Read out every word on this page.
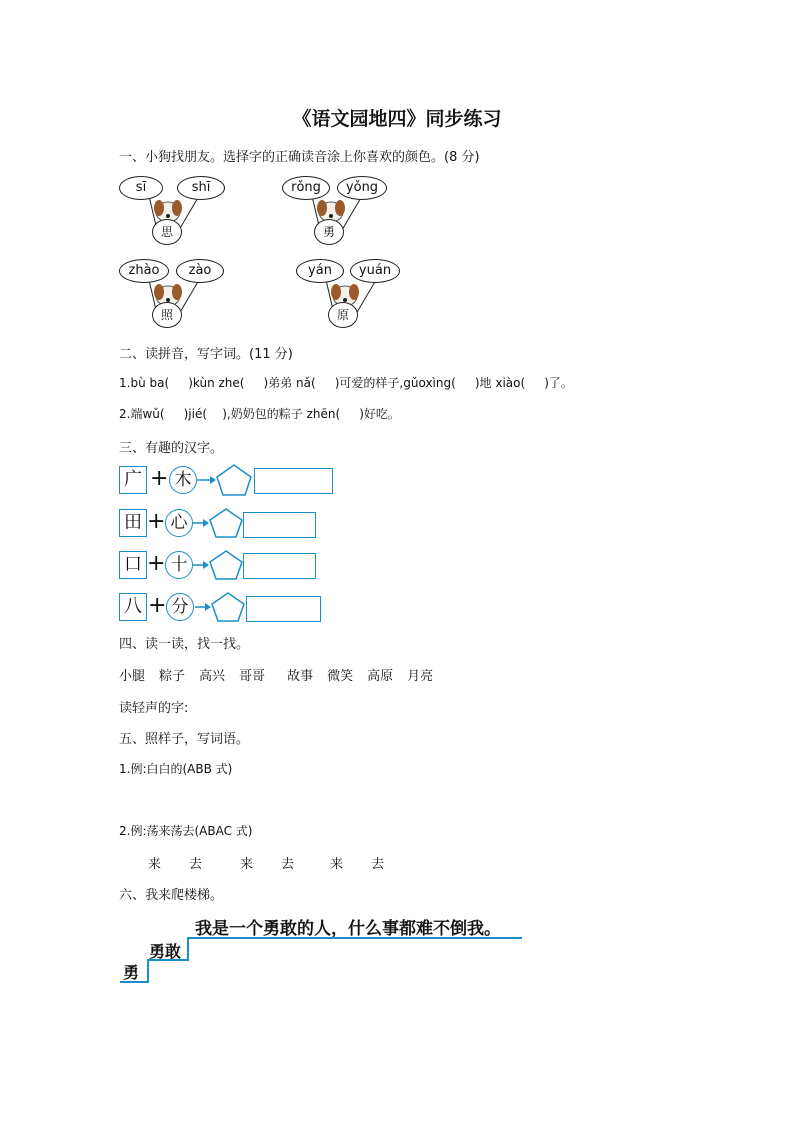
《语文园地四》同步练习
一、小狗找朋友。选择字的正确读音涂上你喜欢的颜色。(8 分)
sī	shī
思
rǒng	yǒng
勇
zhào	zào
照
yán	yuán
原
二、读拼音，写字词。(11 分)
1.bù ba(     )kùn zhe(     )弟弟 nǎ(     )可爱的样子,gǔoxìng(     )地 xiào(     )了。
2.端wǔ(     )jié(    ),奶奶包的粽子 zhēn(     )好吃。
三、有趣的汉字。
广 + 木
田 + 心
口 + 十
八 + 分
四、读一读，找一找。
小腿 粽子 高兴 哥哥 故事 微笑 高原 月亮
读轻声的字:
五、照样子，写词语。
1.例:白白的(ABB 式)
2.例:荡来荡去(ABAC 式)
来 去	来 去	来 去
六、我来爬楼梯。
我是一个勇敢的人，什么事都难不倒我。
勇敢
勇
